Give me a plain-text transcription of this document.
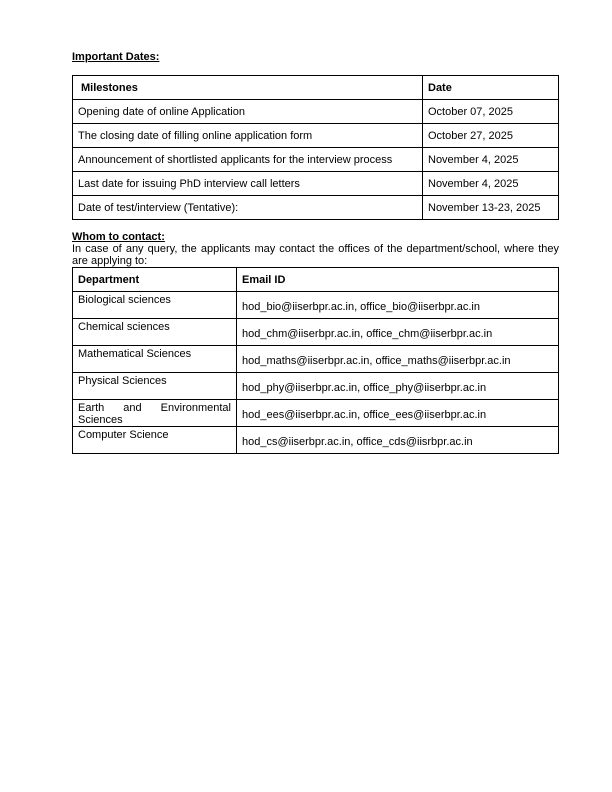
Important Dates:
Milestones	Date
Opening date of online Application	October 07, 2025
The closing date of filling online application form	October 27, 2025
Announcement of shortlisted applicants for the interview process	November 4, 2025
Last date for issuing PhD interview call letters	November 4, 2025
Date of test/interview (Tentative):	November 13-23, 2025
Whom to contact:
In case of any query, the applicants may contact the offices of the department/school, where they are applying to:
Department	Email ID
Biological sciences	hod_bio@iiserbpr.ac.in, office_bio@iiserbpr.ac.in
Chemical sciences	hod_chm@iiserbpr.ac.in, office_chm@iiserbpr.ac.in
Mathematical Sciences	hod_maths@iiserbpr.ac.in, office_maths@iiserbpr.ac.in
Physical Sciences	hod_phy@iiserbpr.ac.in, office_phy@iiserbpr.ac.in
Earth and Environmental Sciences	hod_ees@iiserbpr.ac.in, office_ees@iiserbpr.ac.in
Computer Science	hod_cs@iiserbpr.ac.in, office_cds@iisrbpr.ac.in
